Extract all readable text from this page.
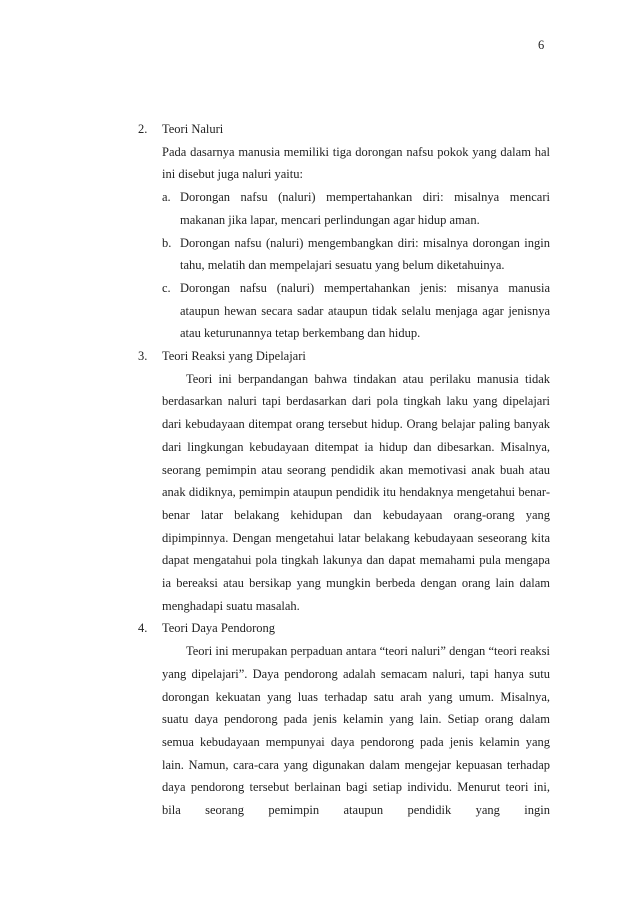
6
2. Teori Naluri

Pada dasarnya manusia memiliki tiga dorongan nafsu pokok yang dalam hal ini disebut juga naluri yaitu:

a. Dorongan nafsu (naluri) mempertahankan diri: misalnya mencari makanan jika lapar, mencari perlindungan agar hidup aman.

b. Dorongan nafsu (naluri) mengembangkan diri: misalnya dorongan ingin tahu, melatih dan mempelajari sesuatu yang belum diketahuinya.

c. Dorongan nafsu (naluri) mempertahankan jenis: misanya manusia ataupun hewan secara sadar ataupun tidak selalu menjaga agar jenisnya atau keturunannya tetap berkembang dan hidup.

3. Teori Reaksi yang Dipelajari

Teori ini berpandangan bahwa tindakan atau perilaku manusia tidak berdasarkan naluri tapi berdasarkan dari pola tingkah laku yang dipelajari dari kebudayaan ditempat orang tersebut hidup. Orang belajar paling banyak dari lingkungan kebudayaan ditempat ia hidup dan dibesarkan. Misalnya, seorang pemimpin atau seorang pendidik akan memotivasi anak buah atau anak didiknya, pemimpin ataupun pendidik itu hendaknya mengetahui benar-benar latar belakang kehidupan dan kebudayaan orang-orang yang dipimpinnya. Dengan mengetahui latar belakang kebudayaan seseorang kita dapat mengatahui pola tingkah lakunya dan dapat memahami pula mengapa ia bereaksi atau bersikap yang mungkin berbeda dengan orang lain dalam menghadapi suatu masalah.

4. Teori Daya Pendorong

Teori ini merupakan perpaduan antara “teori naluri” dengan “teori reaksi yang dipelajari”. Daya pendorong adalah semacam naluri, tapi hanya sutu dorongan kekuatan yang luas terhadap satu arah yang umum. Misalnya, suatu daya pendorong pada jenis kelamin yang lain. Setiap orang dalam semua kebudayaan mempunyai daya pendorong pada jenis kelamin yang lain. Namun, cara-cara yang digunakan dalam mengejar kepuasan terhadap daya pendorong tersebut berlainan bagi setiap individu. Menurut teori ini, bila seorang pemimpin ataupun pendidik yang ingin
